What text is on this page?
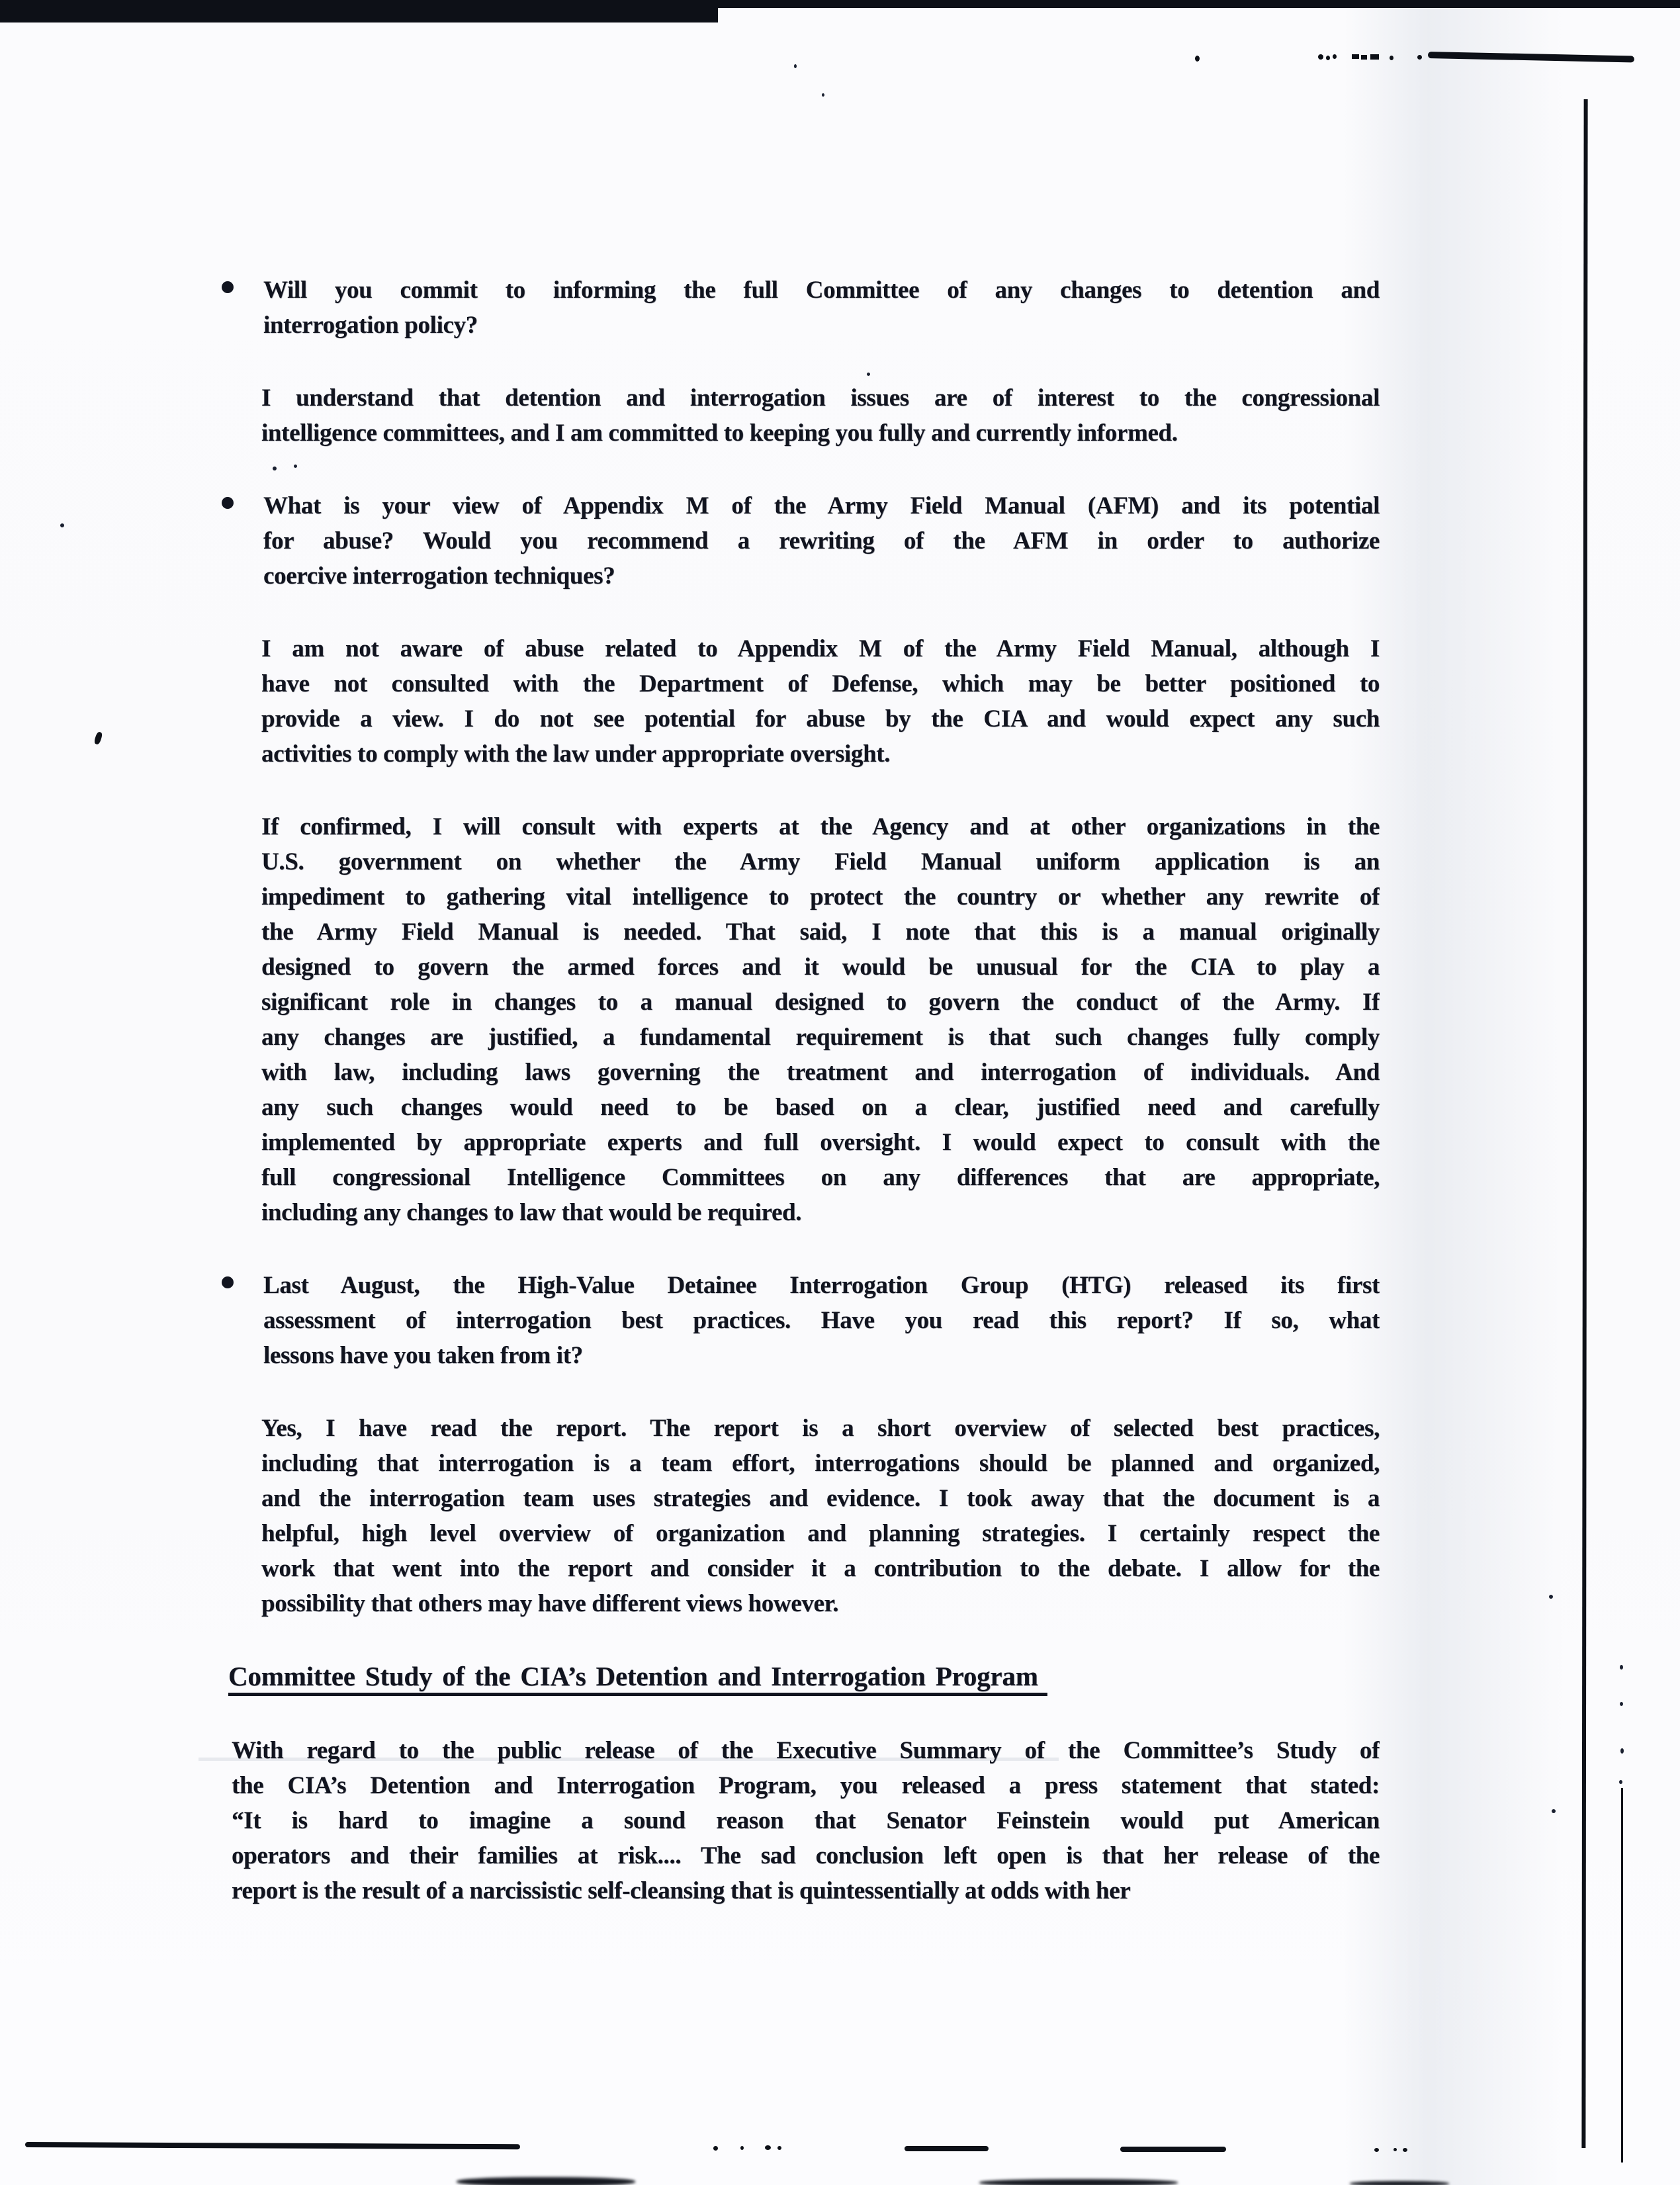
Will you commit to informing the full Committee of any changes to detention and
interrogation policy?
I understand that detention and interrogation issues are of interest to the congressional
intelligence committees, and I am committed to keeping you fully and currently informed.
What is your view of Appendix M of the Army Field Manual (AFM) and its potential
for abuse? Would you recommend a rewriting of the AFM in order to authorize
coercive interrogation techniques?
I am not aware of abuse related to Appendix M of the Army Field Manual, although I
have not consulted with the Department of Defense, which may be better positioned to
provide a view. I do not see potential for abuse by the CIA and would expect any such
activities to comply with the law under appropriate oversight.
If confirmed, I will consult with experts at the Agency and at other organizations in the
U.S. government on whether the Army Field Manual uniform application is an
impediment to gathering vital intelligence to protect the country or whether any rewrite of
the Army Field Manual is needed. That said, I note that this is a manual originally
designed to govern the armed forces and it would be unusual for the CIA to play a
significant role in changes to a manual designed to govern the conduct of the Army. If
any changes are justified, a fundamental requirement is that such changes fully comply
with law, including laws governing the treatment and interrogation of individuals. And
any such changes would need to be based on a clear, justified need and carefully
implemented by appropriate experts and full oversight. I would expect to consult with the
full congressional Intelligence Committees on any differences that are appropriate,
including any changes to law that would be required.
Last August, the High-Value Detainee Interrogation Group (HTG) released its first
assessment of interrogation best practices. Have you read this report? If so, what
lessons have you taken from it?
Yes, I have read the report. The report is a short overview of selected best practices,
including that interrogation is a team effort, interrogations should be planned and organized,
and the interrogation team uses strategies and evidence. I took away that the document is a
helpful, high level overview of organization and planning strategies. I certainly respect the
work that went into the report and consider it a contribution to the debate. I allow for the
possibility that others may have different views however.
Committee Study of the CIA’s Detention and Interrogation Program
With regard to the public release of the Executive Summary of the Committee’s Study of
the CIA’s Detention and Interrogation Program, you released a press statement that stated:
“It is hard to imagine a sound reason that Senator Feinstein would put American
operators and their families at risk.... The sad conclusion left open is that her release of the
report is the result of a narcissistic self-cleansing that is quintessentially at odds with her
